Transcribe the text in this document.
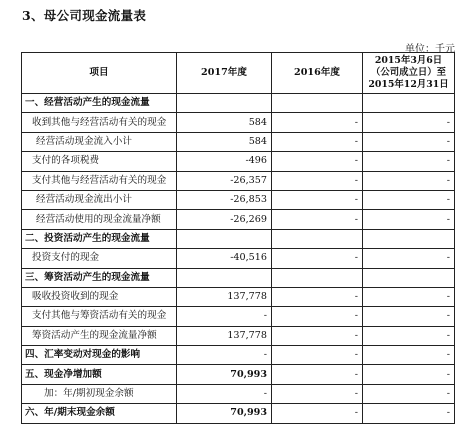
3、母公司现金流量表
单位：千元
项目	2017年度	2016年度	2015年3月6日（公司成立日）至2015年12月31日
一、经营活动产生的现金流量			
收到其他与经营活动有关的现金	584	-	-
经营活动现金流入小计	584	-	-
支付的各项税费	-496	-	-
支付其他与经营活动有关的现金	-26,357	-	-
经营活动现金流出小计	-26,853	-	-
经营活动使用的现金流量净额	-26,269	-	-
二、投资活动产生的现金流量			
投资支付的现金	-40,516	-	-
三、筹资活动产生的现金流量			
吸收投资收到的现金	137,778	-	-
支付其他与筹资活动有关的现金	-	-	-
筹资活动产生的现金流量净额	137,778	-	-
四、汇率变动对现金的影响	-	-	-
五、现金净增加额	70,993	-	-
加：年/期初现金余额	-	-	-
六、年/期末现金余额	70,993	-	-
